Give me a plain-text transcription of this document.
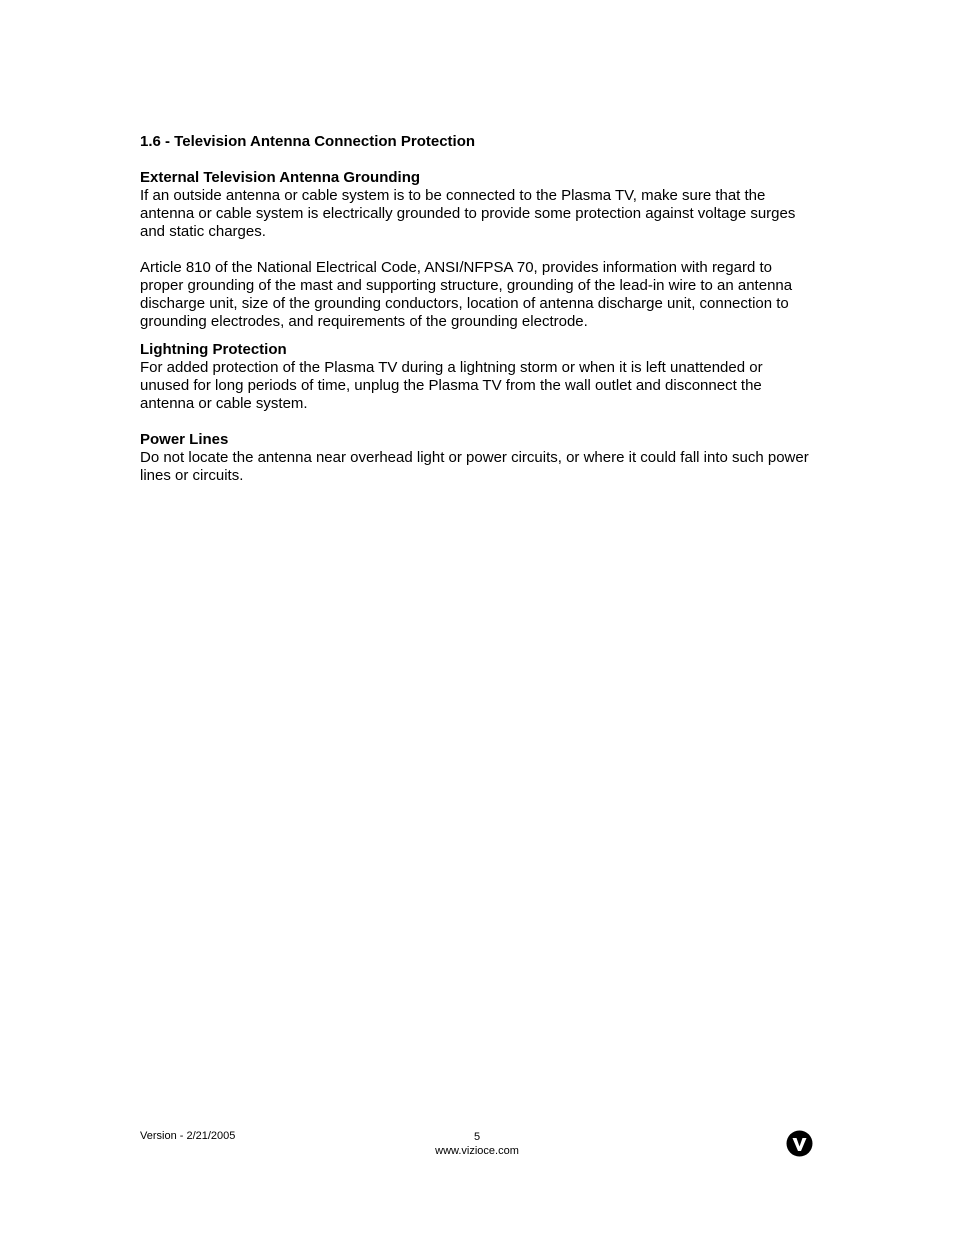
1.6 - Television Antenna Connection Protection

External Television Antenna Grounding

If an outside antenna or cable system is to be connected to the Plasma TV, make sure that the antenna or cable system is electrically grounded to provide some protection against voltage surges and static charges.

Article 810 of the National Electrical Code, ANSI/NFPSA 70, provides information with regard to proper grounding of the mast and supporting structure, grounding of the lead-in wire to an antenna discharge unit, size of the grounding conductors, location of antenna discharge unit, connection to grounding electrodes, and requirements of the grounding electrode.

Lightning Protection

For added protection of the Plasma TV during a lightning storm or when it is left unattended or unused for long periods of time, unplug the Plasma TV from the wall outlet and disconnect the antenna or cable system.

Power Lines

Do not locate the antenna near overhead light or power circuits, or where it could fall into such power lines or circuits.

Version - 2/21/2005	5
www.vizioce.com
